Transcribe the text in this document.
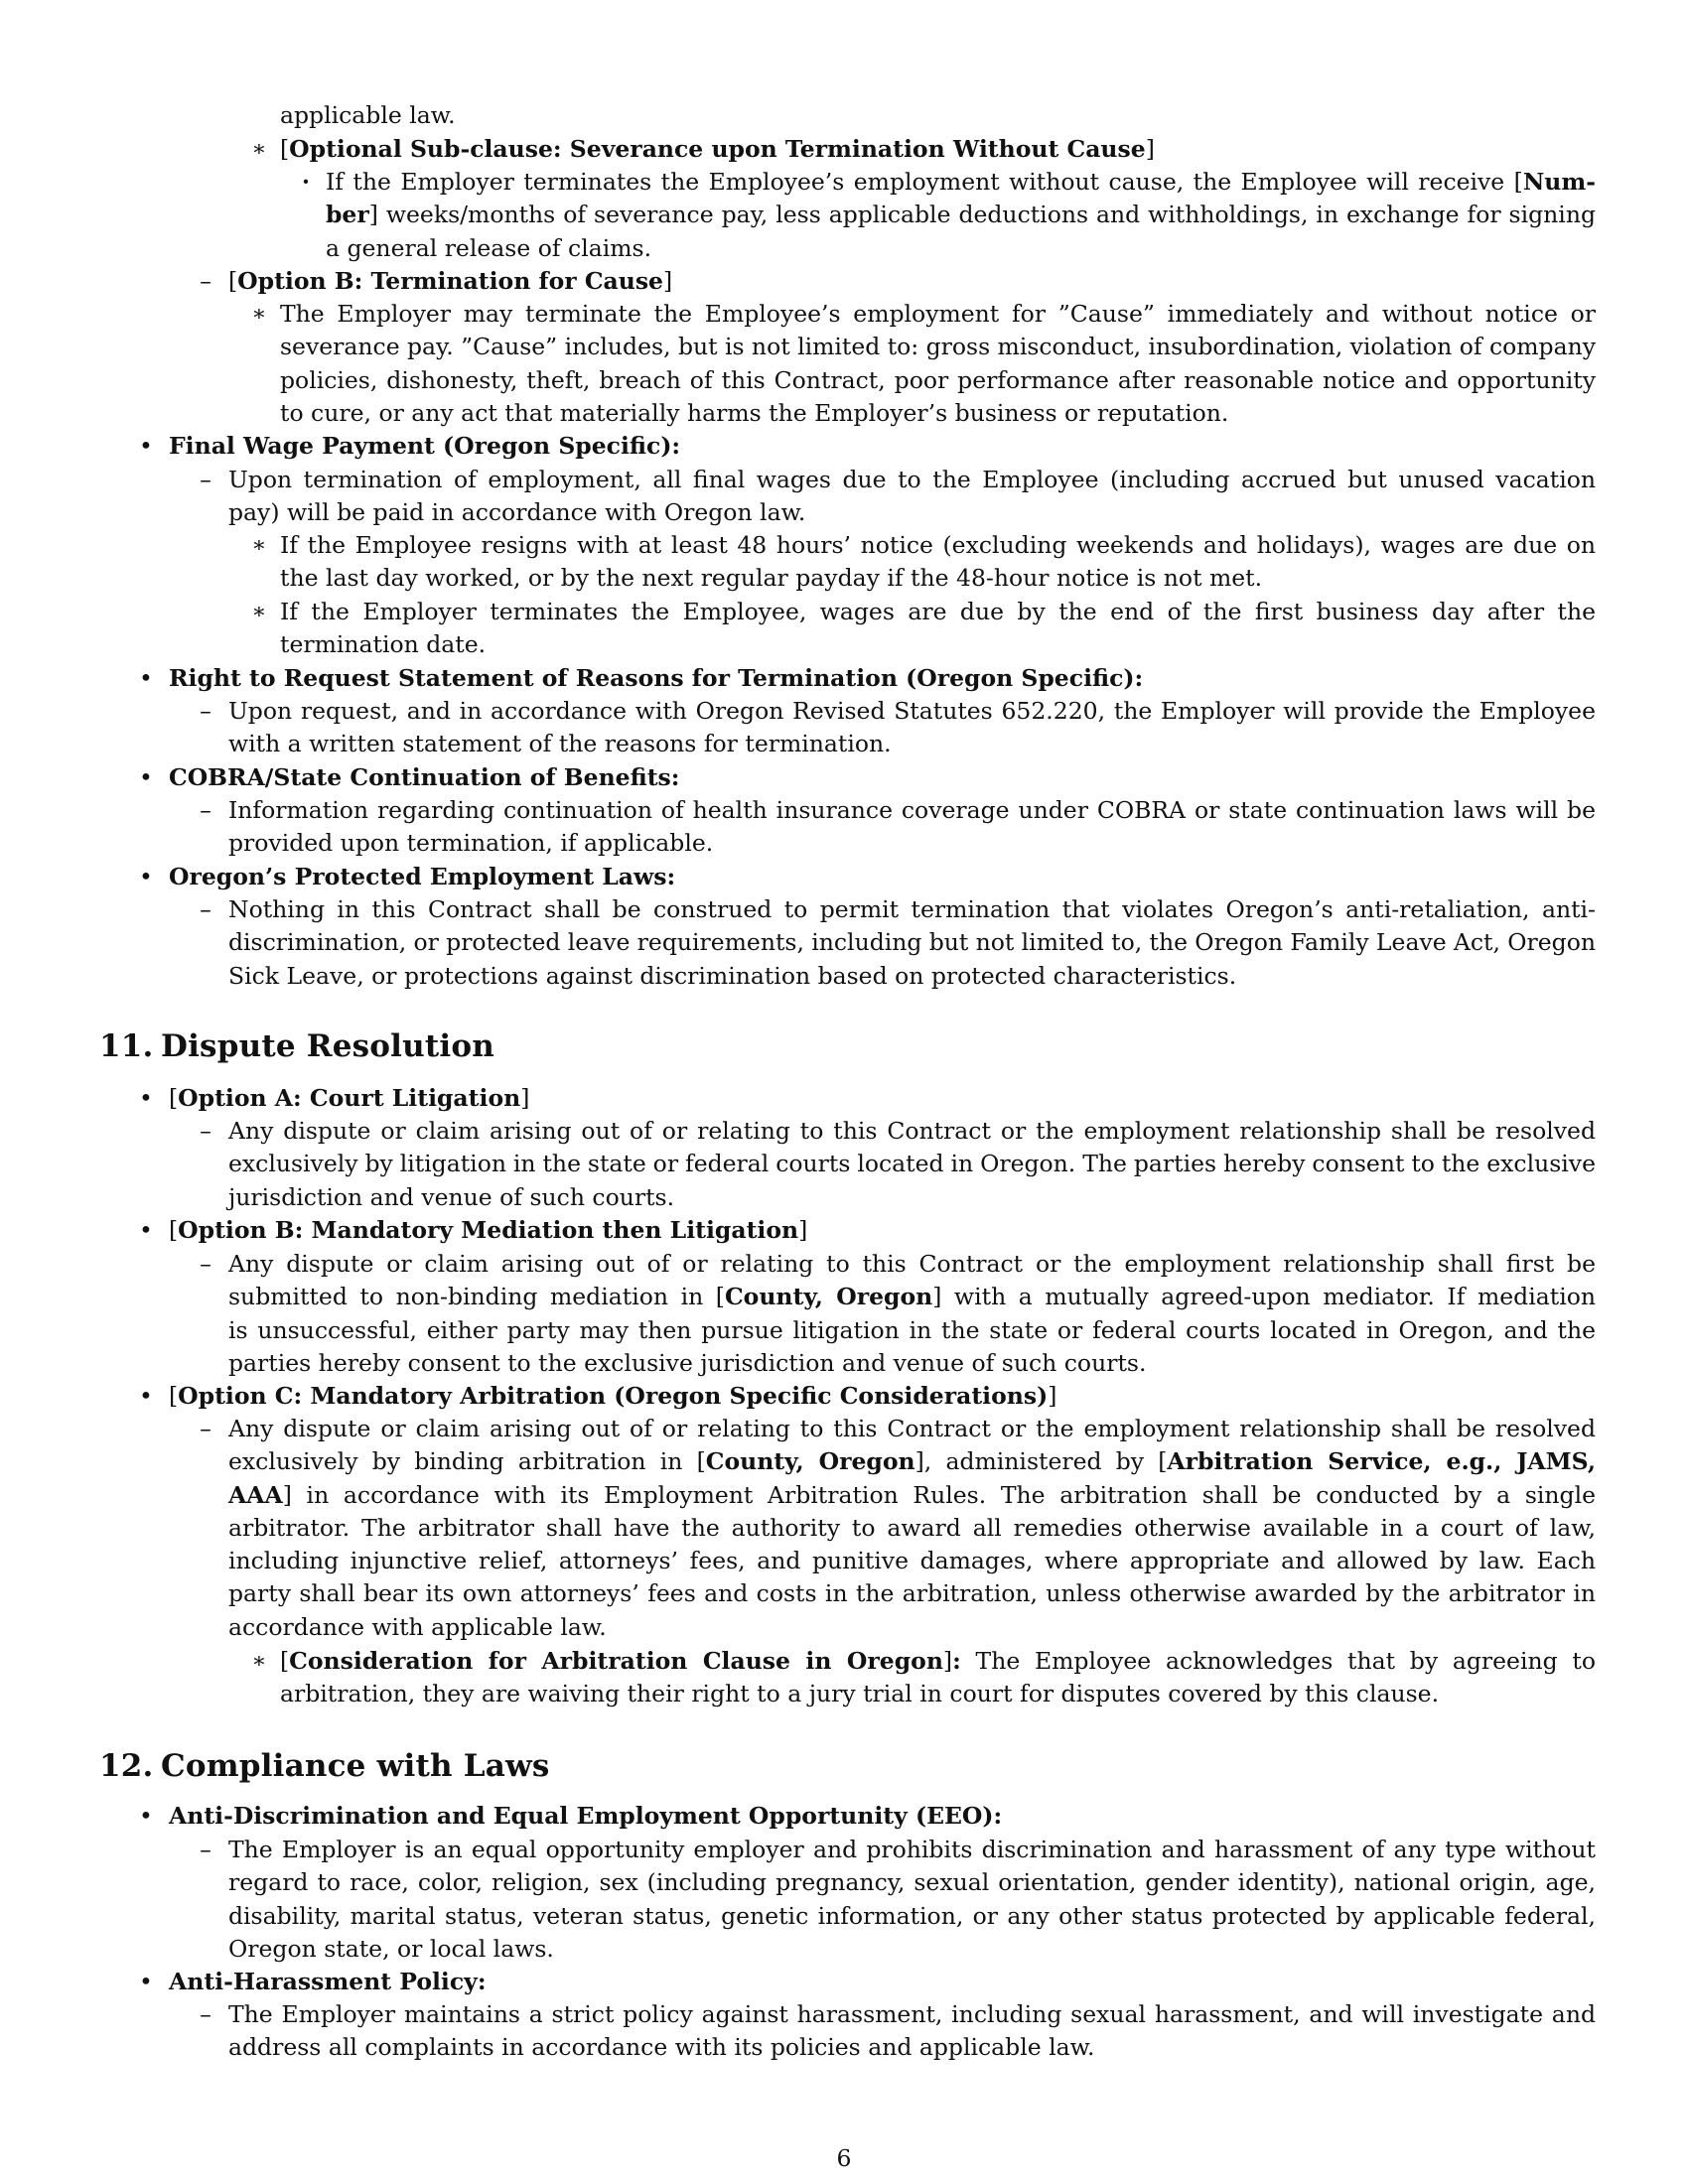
applicable law.
∗ [Optional Sub-clause: Severance upon Termination Without Cause]
· If the Employer terminates the Employee’s employment without cause, the Employee will receive [Num-
ber] weeks/months of severance pay, less applicable deductions and withholdings, in exchange for signing
a general release of claims.
– [Option B: Termination for Cause]
∗ The Employer may terminate the Employee’s employment for ”Cause” immediately and without notice or
severance pay. ”Cause” includes, but is not limited to: gross misconduct, insubordination, violation of company
policies, dishonesty, theft, breach of this Contract, poor performance after reasonable notice and opportunity
to cure, or any act that materially harms the Employer’s business or reputation.
• Final Wage Payment (Oregon Specific):
– Upon termination of employment, all final wages due to the Employee (including accrued but unused vacation
pay) will be paid in accordance with Oregon law.
∗ If the Employee resigns with at least 48 hours’ notice (excluding weekends and holidays), wages are due on
the last day worked, or by the next regular payday if the 48-hour notice is not met.
∗ If the Employer terminates the Employee, wages are due by the end of the first business day after the
termination date.
• Right to Request Statement of Reasons for Termination (Oregon Specific):
– Upon request, and in accordance with Oregon Revised Statutes 652.220, the Employer will provide the Employee
with a written statement of the reasons for termination.
• COBRA/State Continuation of Benefits:
– Information regarding continuation of health insurance coverage under COBRA or state continuation laws will be
provided upon termination, if applicable.
• Oregon’s Protected Employment Laws:
– Nothing in this Contract shall be construed to permit termination that violates Oregon’s anti-retaliation, anti-
discrimination, or protected leave requirements, including but not limited to, the Oregon Family Leave Act, Oregon
Sick Leave, or protections against discrimination based on protected characteristics.
11. Dispute Resolution
• [Option A: Court Litigation]
– Any dispute or claim arising out of or relating to this Contract or the employment relationship shall be resolved
exclusively by litigation in the state or federal courts located in Oregon. The parties hereby consent to the exclusive
jurisdiction and venue of such courts.
• [Option B: Mandatory Mediation then Litigation]
– Any dispute or claim arising out of or relating to this Contract or the employment relationship shall first be
submitted to non-binding mediation in [County, Oregon] with a mutually agreed-upon mediator. If mediation
is unsuccessful, either party may then pursue litigation in the state or federal courts located in Oregon, and the
parties hereby consent to the exclusive jurisdiction and venue of such courts.
• [Option C: Mandatory Arbitration (Oregon Specific Considerations)]
– Any dispute or claim arising out of or relating to this Contract or the employment relationship shall be resolved
exclusively by binding arbitration in [County, Oregon], administered by [Arbitration Service, e.g., JAMS,
AAA] in accordance with its Employment Arbitration Rules. The arbitration shall be conducted by a single
arbitrator. The arbitrator shall have the authority to award all remedies otherwise available in a court of law,
including injunctive relief, attorneys’ fees, and punitive damages, where appropriate and allowed by law. Each
party shall bear its own attorneys’ fees and costs in the arbitration, unless otherwise awarded by the arbitrator in
accordance with applicable law.
∗ [Consideration for Arbitration Clause in Oregon]: The Employee acknowledges that by agreeing to
arbitration, they are waiving their right to a jury trial in court for disputes covered by this clause.
12. Compliance with Laws
• Anti-Discrimination and Equal Employment Opportunity (EEO):
– The Employer is an equal opportunity employer and prohibits discrimination and harassment of any type without
regard to race, color, religion, sex (including pregnancy, sexual orientation, gender identity), national origin, age,
disability, marital status, veteran status, genetic information, or any other status protected by applicable federal,
Oregon state, or local laws.
• Anti-Harassment Policy:
– The Employer maintains a strict policy against harassment, including sexual harassment, and will investigate and
address all complaints in accordance with its policies and applicable law.
6
